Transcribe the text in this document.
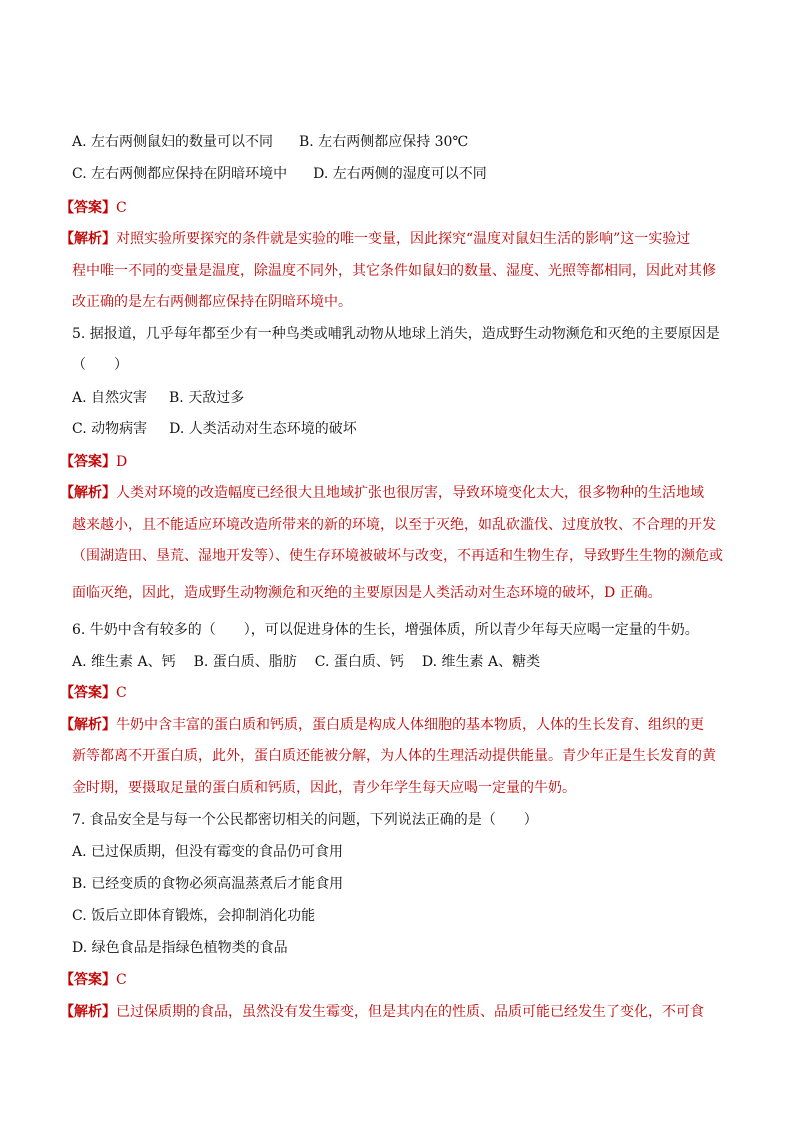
A. 左右两侧鼠妇的数量可以不同 B. 左右两侧都应保持 30℃
C. 左右两侧都应保持在阴暗环境中 D. 左右两侧的湿度可以不同
【答案】C
【解析】对照实验所要探究的条件就是实验的唯一变量，因此探究“温度对鼠妇生活的影响”这一实验过
程中唯一不同的变量是温度，除温度不同外，其它条件如鼠妇的数量、湿度、光照等都相同，因此对其修
改正确的是左右两侧都应保持在阴暗环境中。
5. 据报道，几乎每年都至少有一种鸟类或哺乳动物从地球上消失，造成野生动物濒危和灭绝的主要原因是
（　　）
A. 自然灾害 B. 天敌过多
C. 动物病害 D. 人类活动对生态环境的破坏
【答案】D
【解析】人类对环境的改造幅度已经很大且地域扩张也很厉害，导致环境变化太大，很多物种的生活地域
越来越小，且不能适应环境改造所带来的新的环境，以至于灭绝，如乱砍滥伐、过度放牧、不合理的开发
（围湖造田、垦荒、湿地开发等）、使生存环境被破坏与改变，不再适和生物生存，导致野生生物的濒危或
面临灭绝，因此，造成野生动物濒危和灭绝的主要原因是人类活动对生态环境的破坏，D 正确。
6. 牛奶中含有较多的（　　），可以促进身体的生长，增强体质，所以青少年每天应喝一定量的牛奶。
A. 维生素 A、钙 B. 蛋白质、脂肪 C. 蛋白质、钙 D. 维生素 A、糖类
【答案】C
【解析】牛奶中含丰富的蛋白质和钙质，蛋白质是构成人体细胞的基本物质，人体的生长发育、组织的更
新等都离不开蛋白质，此外，蛋白质还能被分解，为人体的生理活动提供能量。青少年正是生长发育的黄
金时期，要摄取足量的蛋白质和钙质，因此，青少年学生每天应喝一定量的牛奶。
7. 食品安全是与每一个公民都密切相关的问题，下列说法正确的是（　　）
A. 已过保质期，但没有霉变的食品仍可食用
B. 已经变质的食物必须高温蒸煮后才能食用
C. 饭后立即体育锻炼，会抑制消化功能
D. 绿色食品是指绿色植物类的食品
【答案】C
【解析】已过保质期的食品，虽然没有发生霉变，但是其内在的性质、品质可能已经发生了变化，不可食
